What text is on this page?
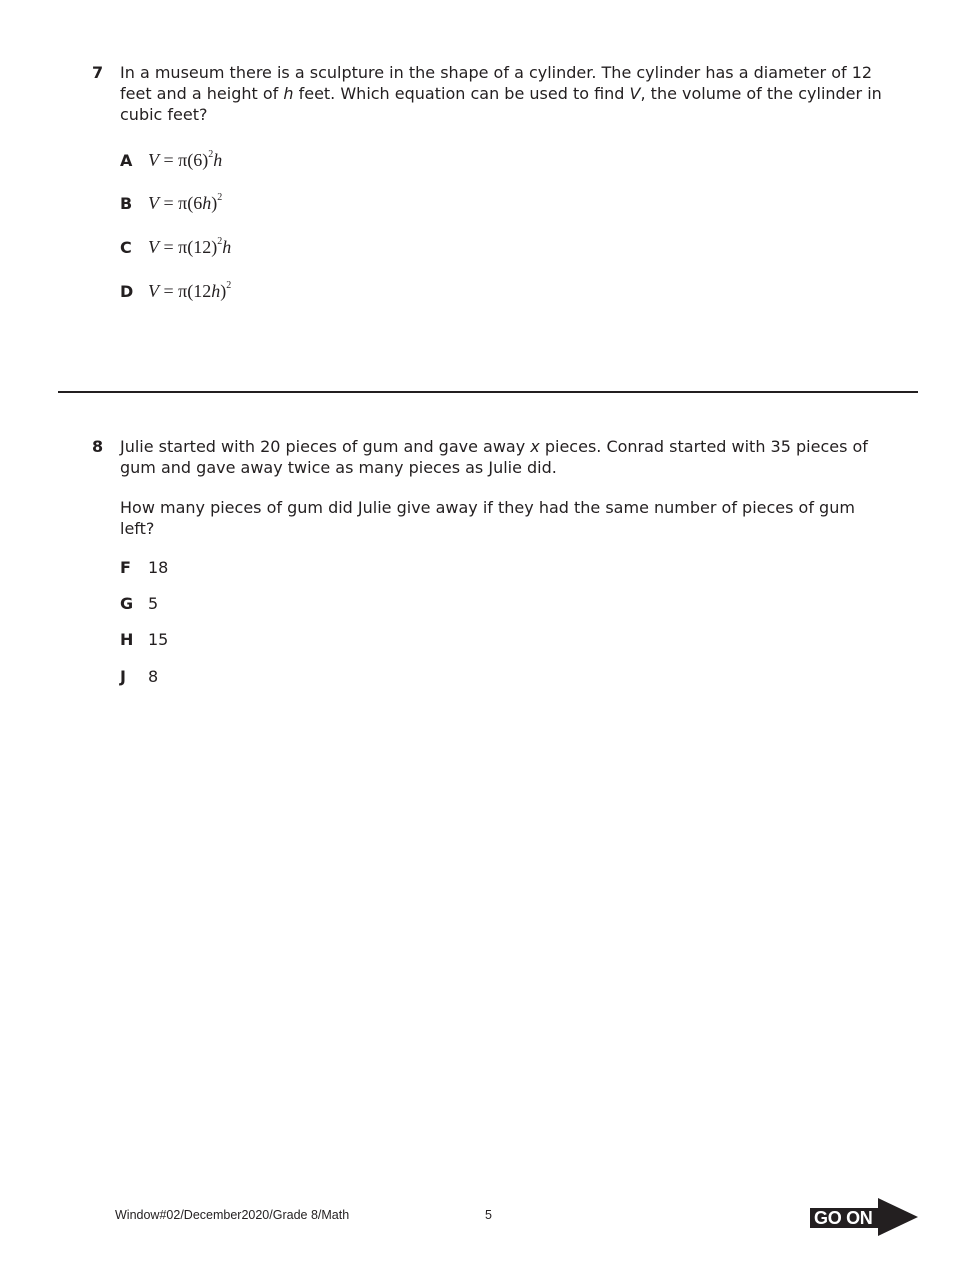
7 In a museum there is a sculpture in the shape of a cylinder. The cylinder has a diameter of 12 feet and a height of h feet. Which equation can be used to find V, the volume of the cylinder in cubic feet?
A $V = \pi(6)^2h$
B $V = \pi(6h)^2$
C $V = \pi(12)^2h$
D $V = \pi(12h)^2$
8 Julie started with 20 pieces of gum and gave away x pieces. Conrad started with 35 pieces of gum and gave away twice as many pieces as Julie did.
How many pieces of gum did Julie give away if they had the same number of pieces of gum left?
F 18
G 5
H 15
J 8
Window#02/December2020/Grade 8/Math	5	GO ON
